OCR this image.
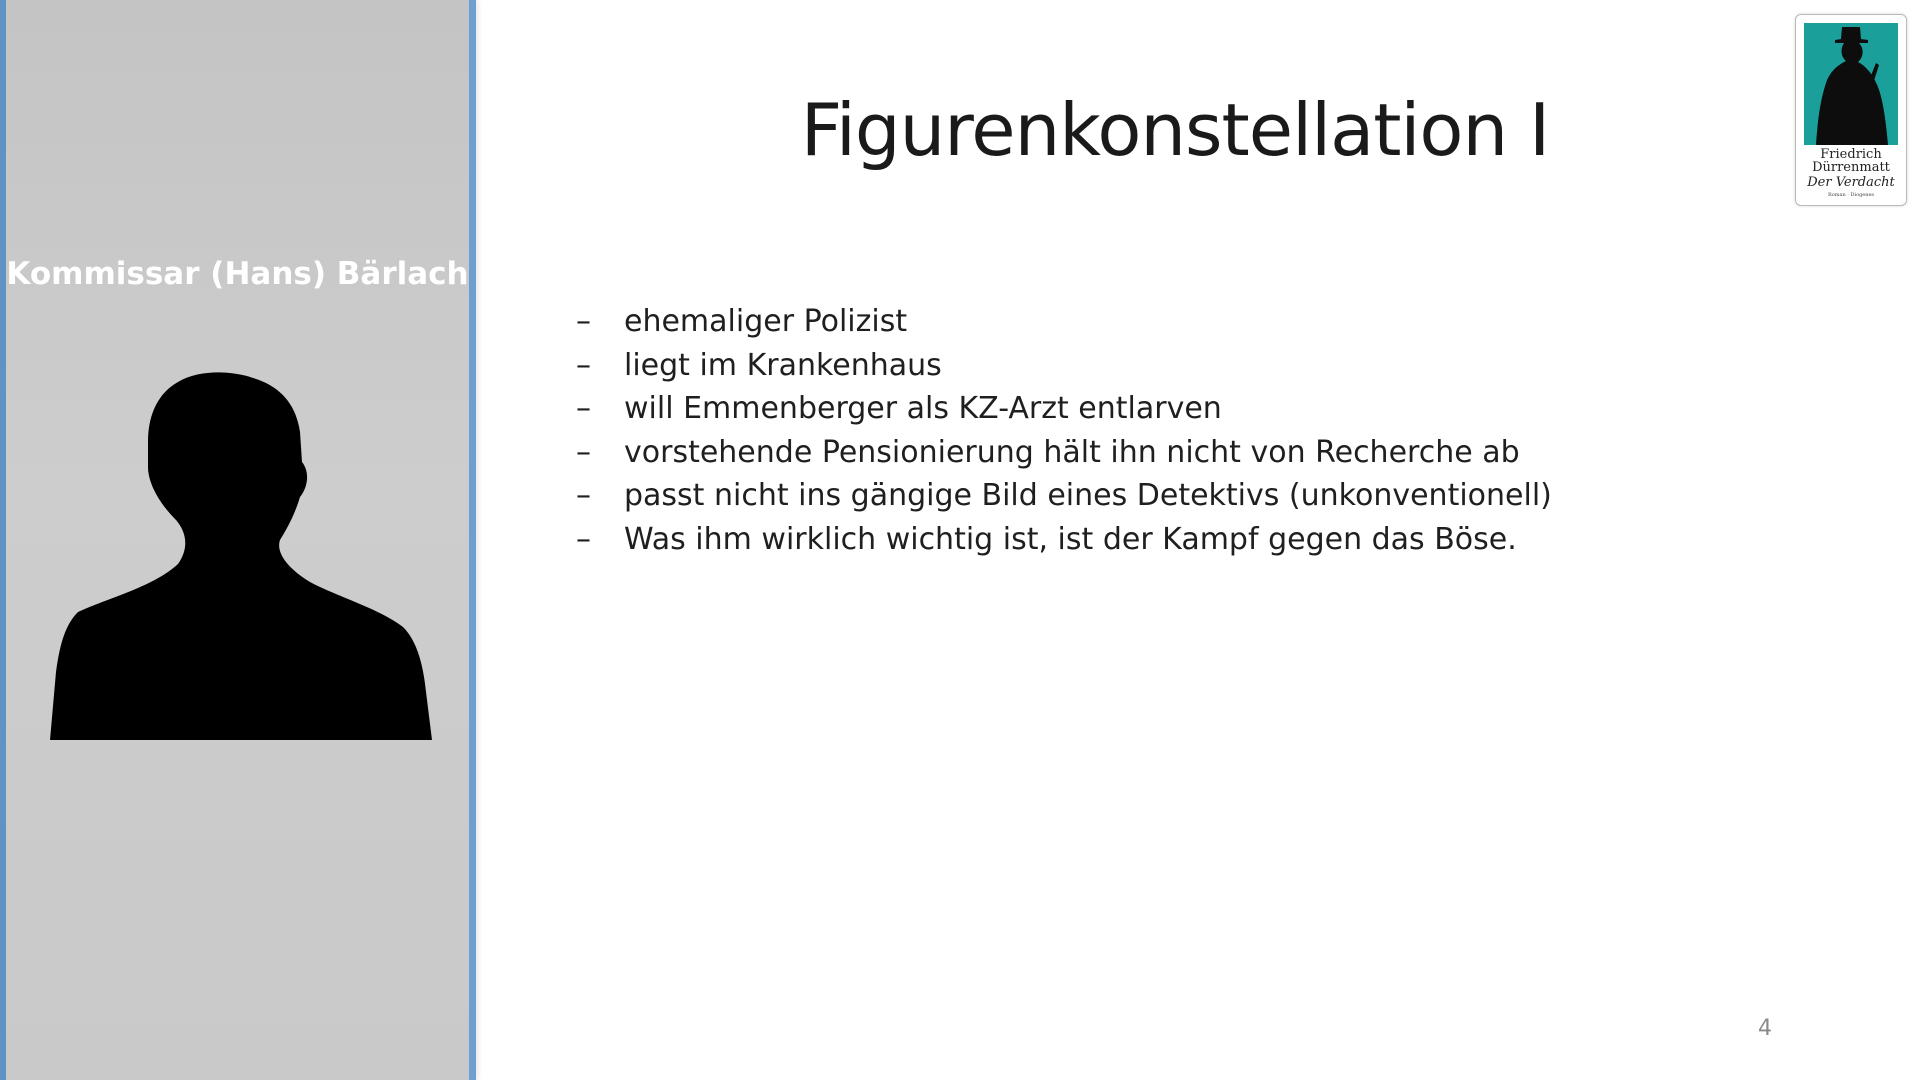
Kommissar (Hans) Bärlach
Figurenkonstellation I
–	ehemaliger Polizist
–	liegt im Krankenhaus
–	will Emmenberger als KZ-Arzt entlarven
–	vorstehende Pensionierung hält ihn nicht von Recherche ab
–	passt nicht ins gängige Bild eines Detektivs (unkonventionell)
–	Was ihm wirklich wichtig ist, ist der Kampf gegen das Böse.
Friedrich
Dürrenmatt
Der Verdacht
Roman · Diogenes
4
